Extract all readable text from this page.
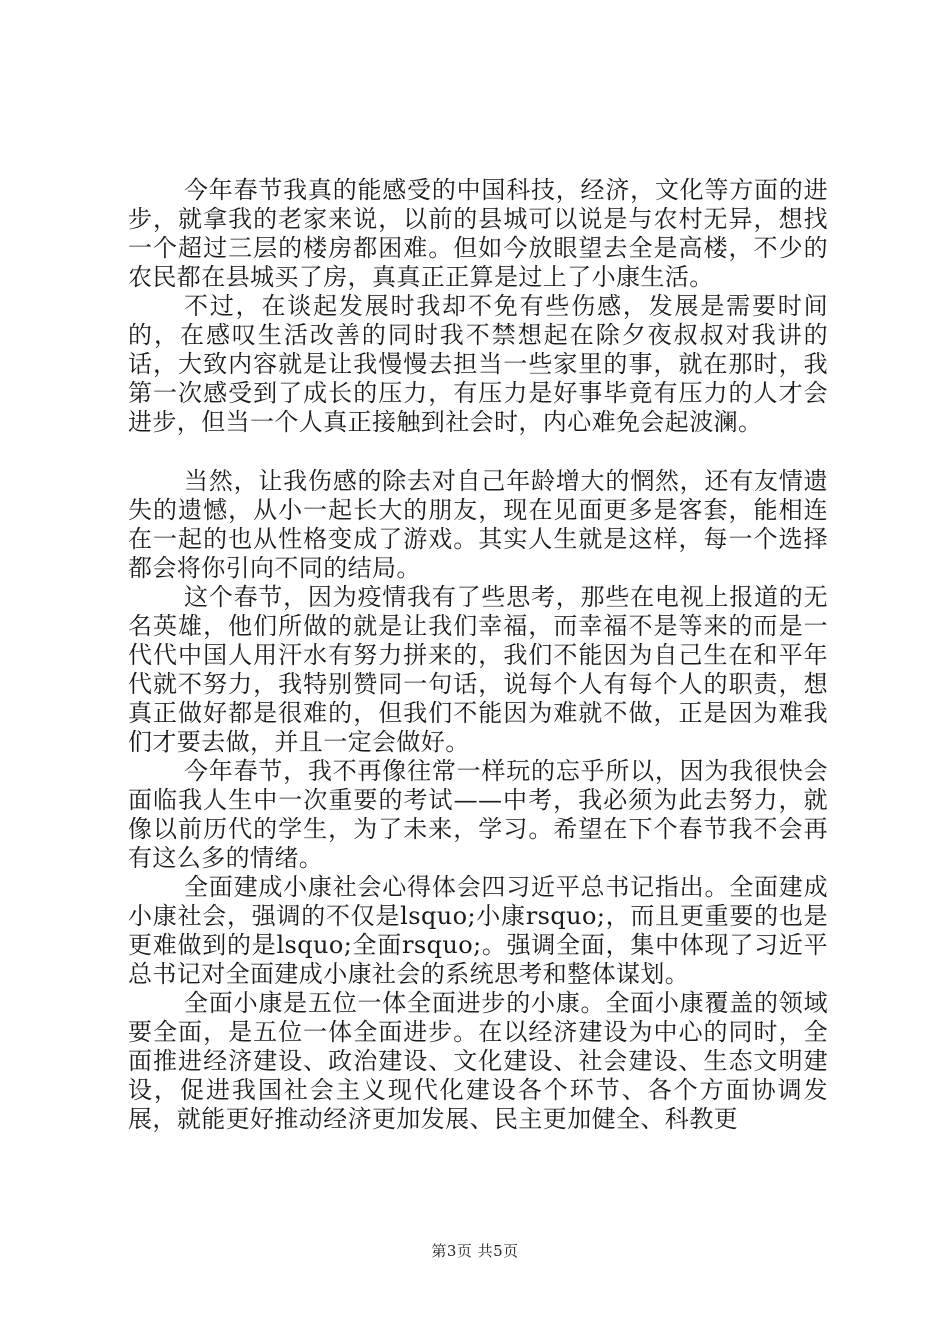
今年春节我真的能感受的中国科技，经济，文化等方面的进步，就拿我的老家来说，以前的县城可以说是与农村无异，想找一个超过三层的楼房都困难。但如今放眼望去全是高楼，不少的农民都在县城买了房，真真正正算是过上了小康生活。

不过，在谈起发展时我却不免有些伤感，发展是需要时间的，在感叹生活改善的同时我不禁想起在除夕夜叔叔对我讲的话，大致内容就是让我慢慢去担当一些家里的事，就在那时，我第一次感受到了成长的压力，有压力是好事毕竟有压力的人才会进步，但当一个人真正接触到社会时，内心难免会起波澜。

当然，让我伤感的除去对自己年龄增大的惘然，还有友情遗失的遗憾，从小一起长大的朋友，现在见面更多是客套，能相连在一起的也从性格变成了游戏。其实人生就是这样，每一个选择都会将你引向不同的结局。

这个春节，因为疫情我有了些思考，那些在电视上报道的无名英雄，他们所做的就是让我们幸福，而幸福不是等来的而是一代代中国人用汗水有努力拼来的，我们不能因为自己生在和平年代就不努力，我特别赞同一句话，说每个人有每个人的职责，想真正做好都是很难的，但我们不能因为难就不做，正是因为难我们才要去做，并且一定会做好。

今年春节，我不再像往常一样玩的忘乎所以，因为我很快会面临我人生中一次重要的考试——中考，我必须为此去努力，就像以前历代的学生，为了未来，学习。希望在下个春节我不会再有这么多的情绪。

全面建成小康社会心得体会四习近平总书记指出。全面建成小康社会，强调的不仅是lsquo;小康rsquo;，而且更重要的也是更难做到的是lsquo;全面rsquo;。强调全面，集中体现了习近平总书记对全面建成小康社会的系统思考和整体谋划。

全面小康是五位一体全面进步的小康。全面小康覆盖的领域要全面，是五位一体全面进步。在以经济建设为中心的同时，全面推进经济建设、政治建设、文化建设、社会建设、生态文明建设，促进我国社会主义现代化建设各个环节、各个方面协调发展，就能更好推动经济更加发展、民主更加健全、科教更

第3页 共5页
